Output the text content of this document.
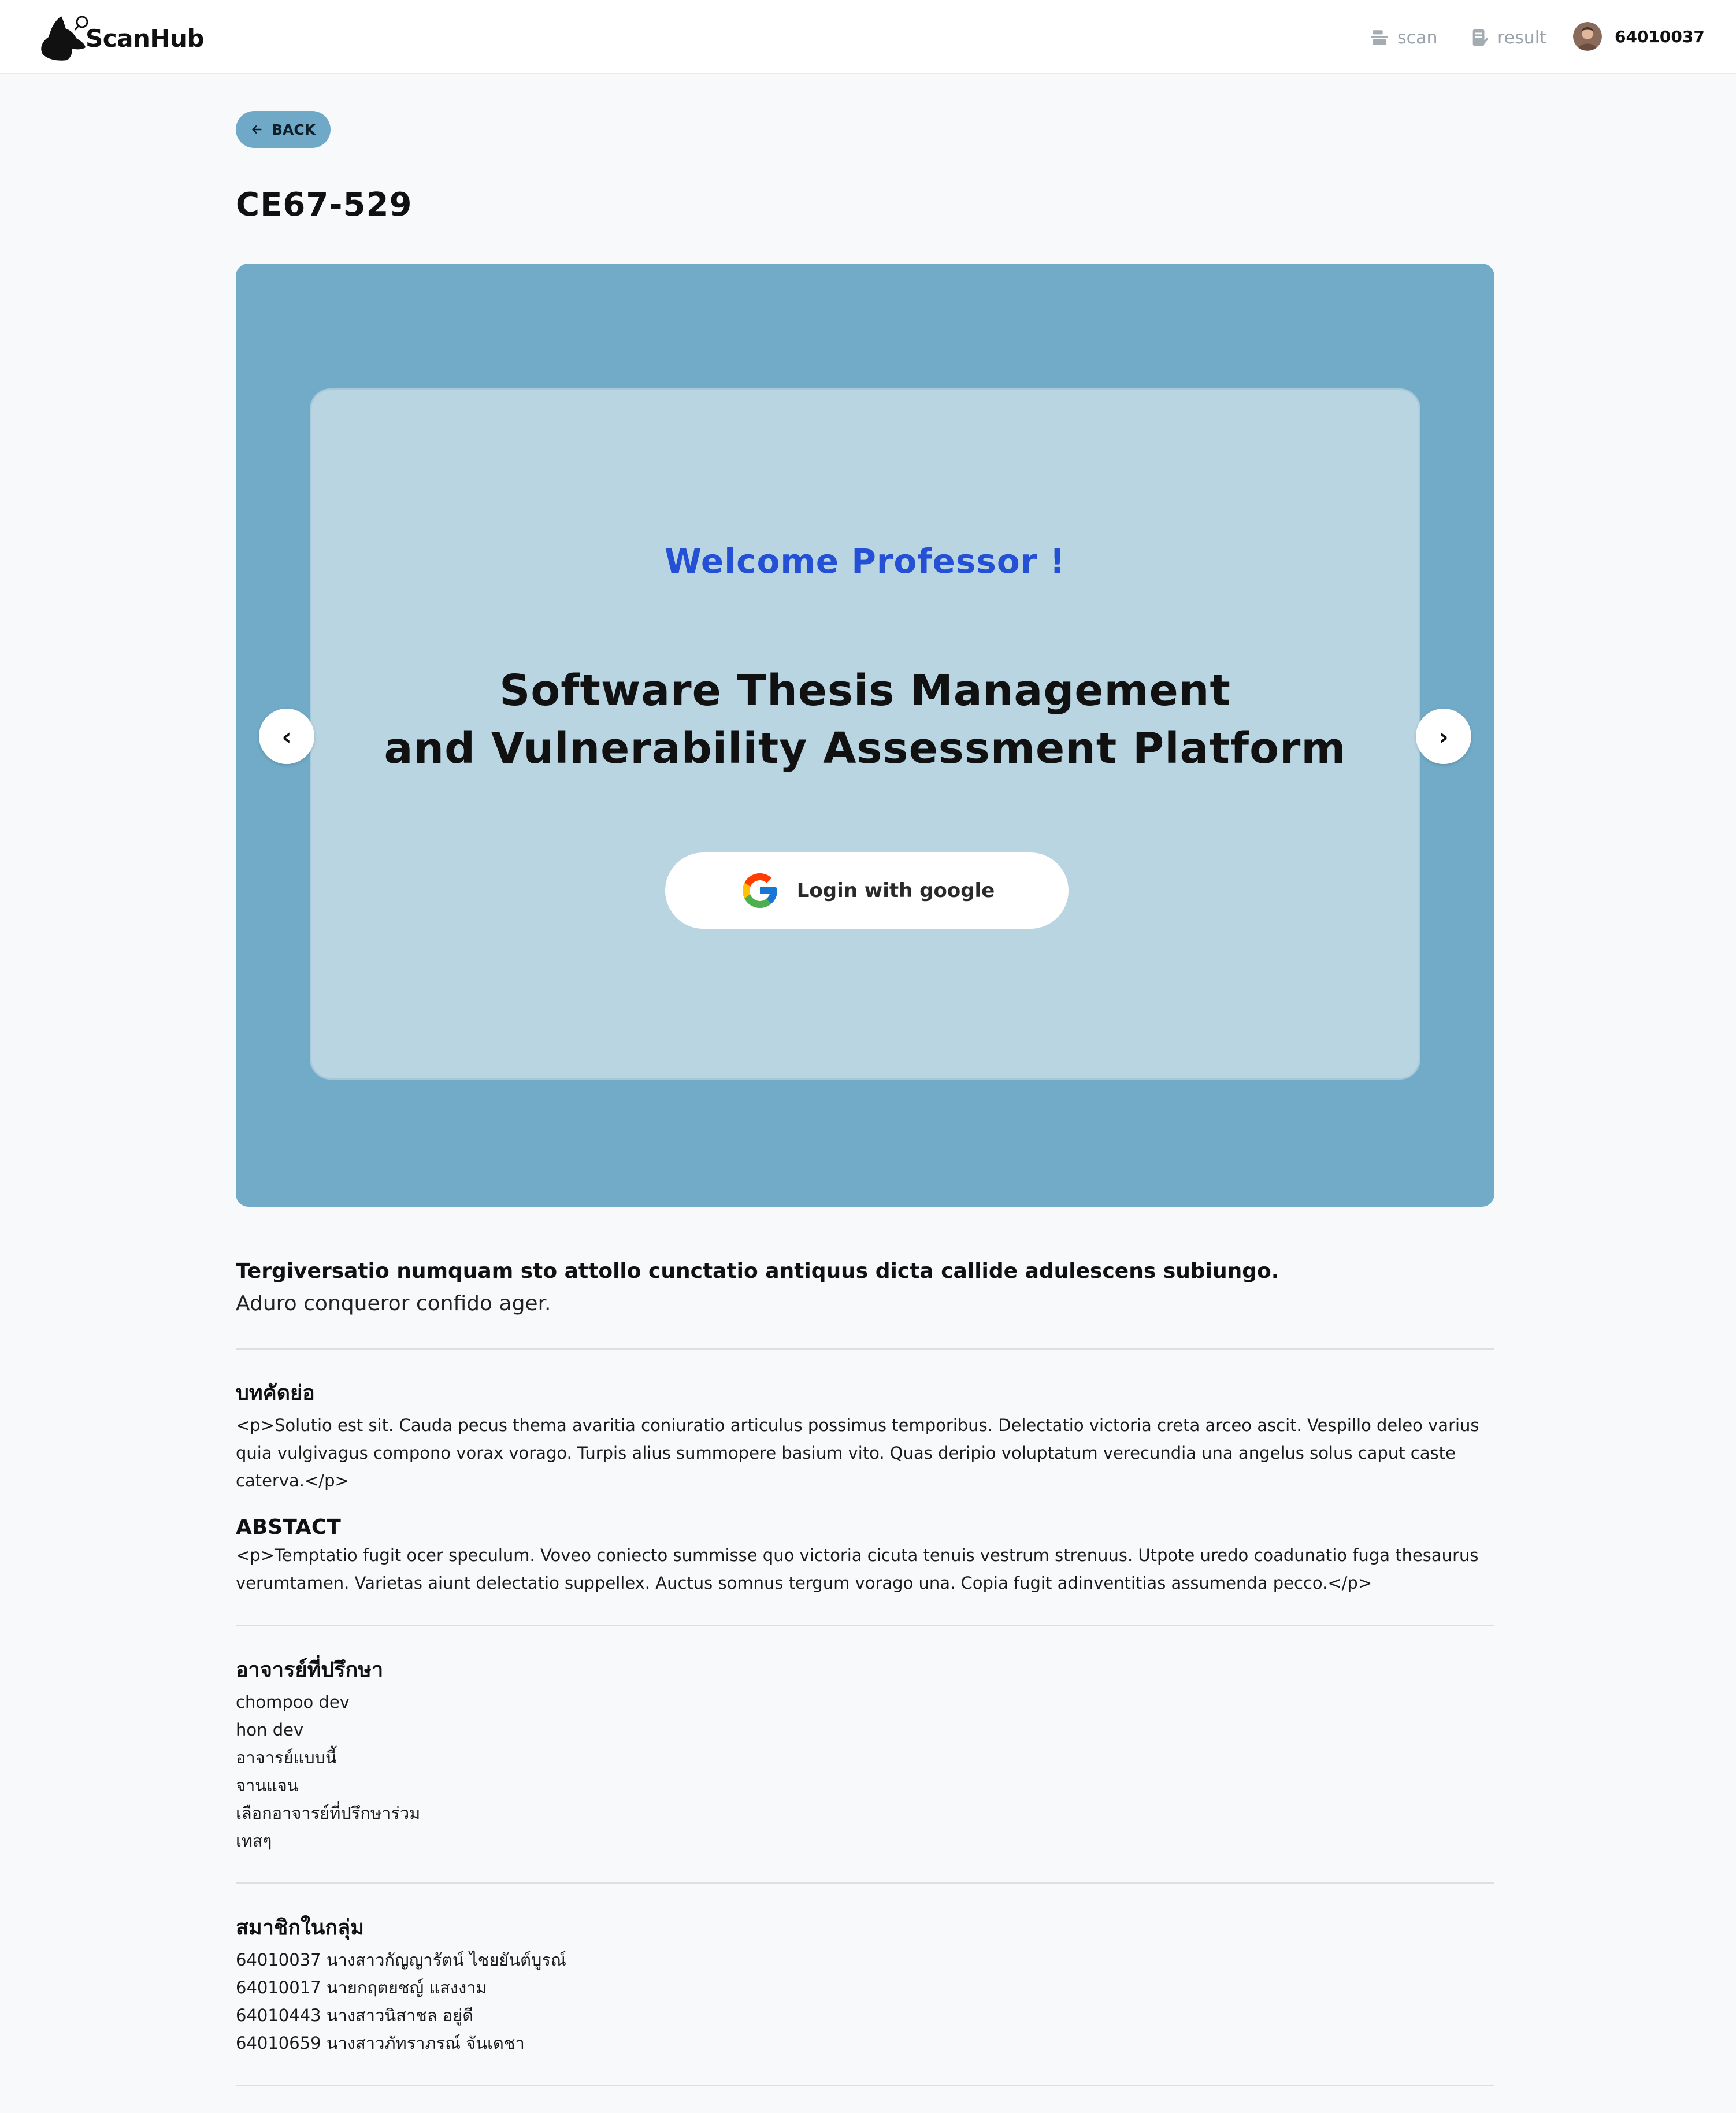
ScanHub	scan	result	64010037
BACK
CE67-529
Welcome Professor !
Software Thesis Management
and Vulnerability Assessment Platform
Login with google
‹	›
Tergiversatio numquam sto attollo cunctatio antiquus dicta callide adulescens subiungo.
Aduro conqueror confido ager.
บทคัดย่อ
<p>Solutio est sit. Cauda pecus thema avaritia coniuratio articulus possimus temporibus. Delectatio victoria creta arceo ascit. Vespillo deleo varius quia vulgivagus compono vorax vorago. Turpis alius summopere basium vito. Quas deripio voluptatum verecundia una angelus solus caput caste caterva.</p>
ABSTACT
<p>Temptatio fugit ocer speculum. Voveo coniecto summisse quo victoria cicuta tenuis vestrum strenuus. Utpote uredo coadunatio fuga thesaurus verumtamen. Varietas aiunt delectatio suppellex. Auctus somnus tergum vorago una. Copia fugit adinventitias assumenda pecco.</p>
อาจารย์ที่ปรึกษา
chompoo dev
hon dev
อาจารย์แบบนี้
จานแจน
เลือกอาจารย์ที่ปรึกษาร่วม
เทสๆ
สมาชิกในกลุ่ม
64010037 นางสาวกัญญารัตน์ ไชยยันต์บูรณ์
64010017 นายกฤตยชญ์ แสงงาม
64010443 นางสาวนิสาชล อยู่ดี
64010659 นางสาวภัทราภรณ์ จันเดชา
